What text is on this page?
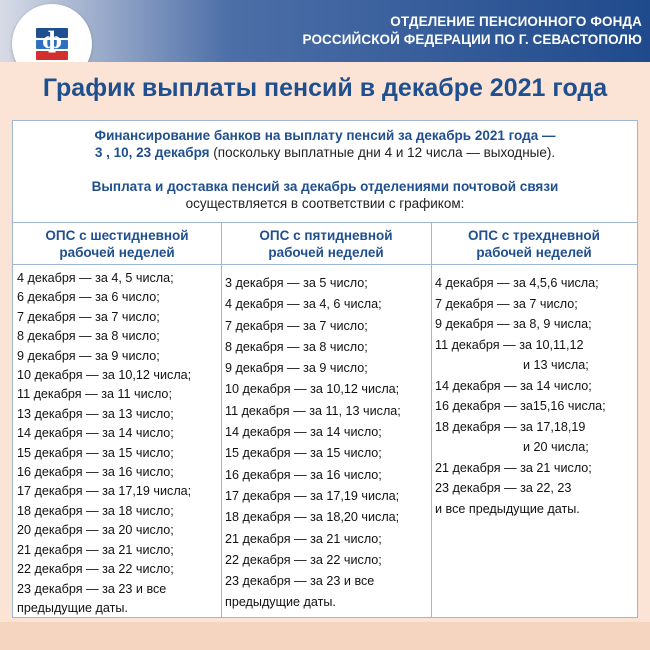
ф
ОТДЕЛЕНИЕ ПЕНСИОННОГО ФОНДА
РОССИЙСКОЙ ФЕДЕРАЦИИ ПО Г. СЕВАСТОПОЛЮ
График выплаты пенсий в декабре 2021 года
Финансирование банков на выплату пенсий за декабрь 2021 года —
3 , 10, 23 декабря (поскольку выплатные дни 4 и 12 числа — выходные).
Выплата и доставка пенсий за декабрь отделениями почтовой связи
осуществляется в соответствии с графиком:
ОПС с шестидневной
рабочей неделей
ОПС с пятидневной
рабочей неделей
ОПС с трехдневной
рабочей неделей
4 декабря — за 4, 5 числа;
6 декабря — за 6 число;
7 декабря — за 7 число;
8 декабря — за 8 число;
9 декабря — за 9 число;
10 декабря — за 10,12 числа;
11 декабря — за 11 число;
13 декабря — за 13 число;
14 декабря — за 14 число;
15 декабря — за 15 число;
16 декабря — за 16 число;
17 декабря — за 17,19 числа;
18 декабря — за 18 число;
20 декабря — за 20 число;
21 декабря — за 21 число;
22 декабря — за 22 число;
23 декабря — за 23 и все
предыдущие даты.
3 декабря — за 5 число;
4 декабря — за 4, 6 числа;
7 декабря — за 7 число;
8 декабря — за 8 число;
9 декабря — за 9 число;
10 декабря — за 10,12 числа;
11 декабря — за 11, 13 числа;
14 декабря — за 14 число;
15 декабря — за 15 число;
16 декабря — за 16 число;
17 декабря — за 17,19 числа;
18 декабря — за 18,20 числа;
21 декабря — за 21 число;
22 декабря — за 22 число;
23 декабря — за 23 и все
предыдущие даты.
4 декабря — за 4,5,6 числа;
7 декабря — за 7 число;
9 декабря — за 8, 9 числа;
11 декабря — за 10,11,12
и 13 числа;
14 декабря — за 14 число;
16 декабря — за15,16 числа;
18 декабря — за 17,18,19
и 20 числа;
21 декабря — за 21 число;
23 декабря — за 22, 23
и все предыдущие даты.
